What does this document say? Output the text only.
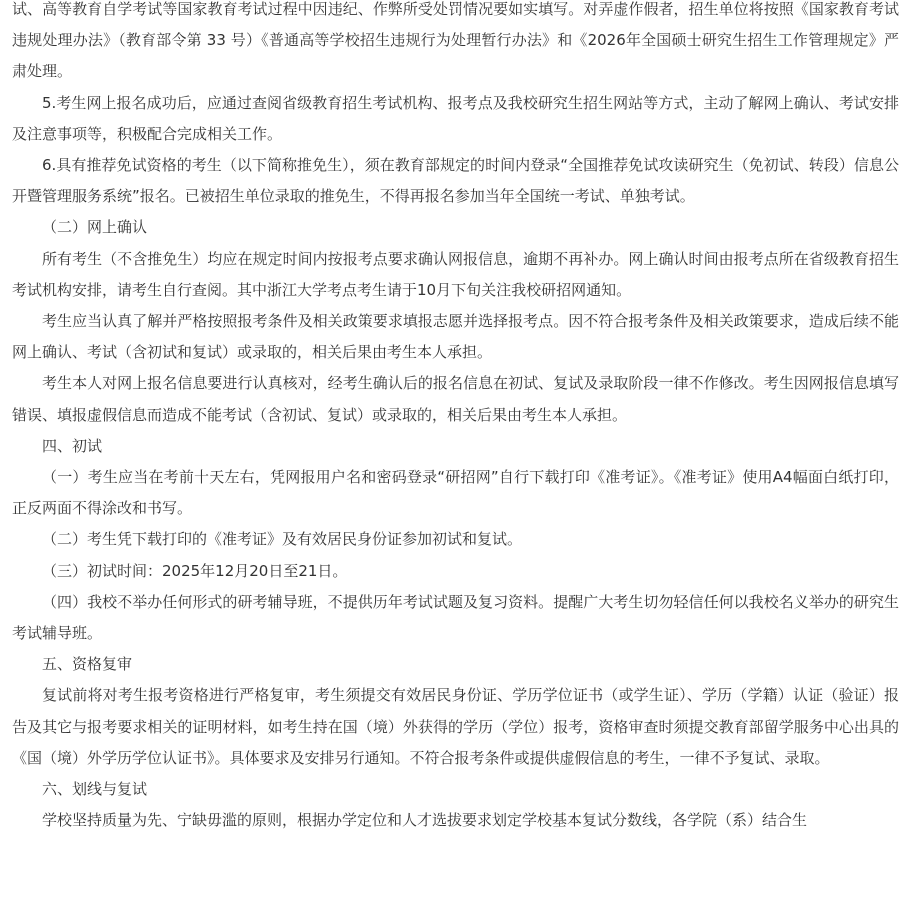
试、高等教育自学考试等国家教育考试过程中因违纪、作弊所受处罚情况要如实填写。对弄虚作假者，招生单位将按照《国家教育考试违规处理办法》（教育部令第 33 号）《普通高等学校招生违规行为处理暂行办法》和《2026年全国硕士研究生招生工作管理规定》严肃处理。

5.考生网上报名成功后，应通过查阅省级教育招生考试机构、报考点及我校研究生招生网站等方式，主动了解网上确认、考试安排及注意事项等，积极配合完成相关工作。

6.具有推荐免试资格的考生（以下简称推免生），须在教育部规定的时间内登录“全国推荐免试攻读研究生（免初试、转段）信息公开暨管理服务系统”报名。已被招生单位录取的推免生，不得再报名参加当年全国统一考试、单独考试。

（二）网上确认

所有考生（不含推免生）均应在规定时间内按报考点要求确认网报信息，逾期不再补办。网上确认时间由报考点所在省级教育招生考试机构安排，请考生自行查阅。其中浙江大学考点考生请于10月下旬关注我校研招网通知。

考生应当认真了解并严格按照报考条件及相关政策要求填报志愿并选择报考点。因不符合报考条件及相关政策要求，造成后续不能网上确认、考试（含初试和复试）或录取的，相关后果由考生本人承担。

考生本人对网上报名信息要进行认真核对，经考生确认后的报名信息在初试、复试及录取阶段一律不作修改。考生因网报信息填写错误、填报虚假信息而造成不能考试（含初试、复试）或录取的，相关后果由考生本人承担。

四、初试

（一）考生应当在考前十天左右，凭网报用户名和密码登录“研招网”自行下载打印《准考证》。《准考证》使用A4幅面白纸打印，正反两面不得涂改和书写。

（二）考生凭下载打印的《准考证》及有效居民身份证参加初试和复试。

（三）初试时间：2025年12月20日至21日。

（四）我校不举办任何形式的研考辅导班，不提供历年考试试题及复习资料。提醒广大考生切勿轻信任何以我校名义举办的研究生考试辅导班。

五、资格复审

复试前将对考生报考资格进行严格复审，考生须提交有效居民身份证、学历学位证书（或学生证）、学历（学籍）认证（验证）报告及其它与报考要求相关的证明材料，如考生持在国（境）外获得的学历（学位）报考，资格审查时须提交教育部留学服务中心出具的《国（境）外学历学位认证书》。具体要求及安排另行通知。不符合报考条件或提供虚假信息的考生，一律不予复试、录取。

六、划线与复试

学校坚持质量为先、宁缺毋滥的原则，根据办学定位和人才选拔要求划定学校基本复试分数线，各学院（系）结合生
